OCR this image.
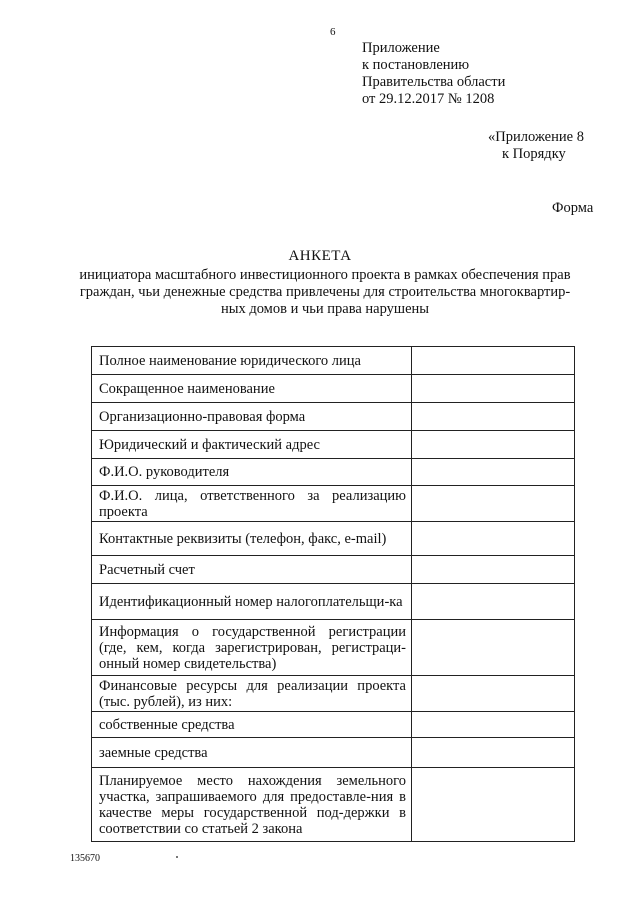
6
Приложение
к постановлению
Правительства области
от 29.12.2017 № 1208
«Приложение 8
к Порядку
Форма
АНКЕТА
инициатора масштабного инвестиционного проекта в рамках обеспечения прав
граждан, чьи денежные средства привлечены для строительства многоквартир-
ных домов и чьи права нарушены
Полное наименование юридического лица	

Сокращенное наименование	

Организационно-правовая форма	

Юридический и фактический адрес	

Ф.И.О. руководителя	

Ф.И.О. лица, ответственного за реализацию проекта	

Контактные реквизиты (телефон, факс, e-mail)	

Расчетный счет	

Идентификационный номер налогоплательщи-ка	

Информация о государственной регистрации (где, кем, когда зарегистрирован, регистраци-онный номер свидетельства)	

Финансовые ресурсы для реализации проекта (тыс. рублей), из них:	

собственные средства	

заемные средства	

Планируемое место нахождения земельного участка, запрашиваемого для предоставле-ния в качестве меры государственной под-держки в соответствии со статьей 2 закона	

135670
